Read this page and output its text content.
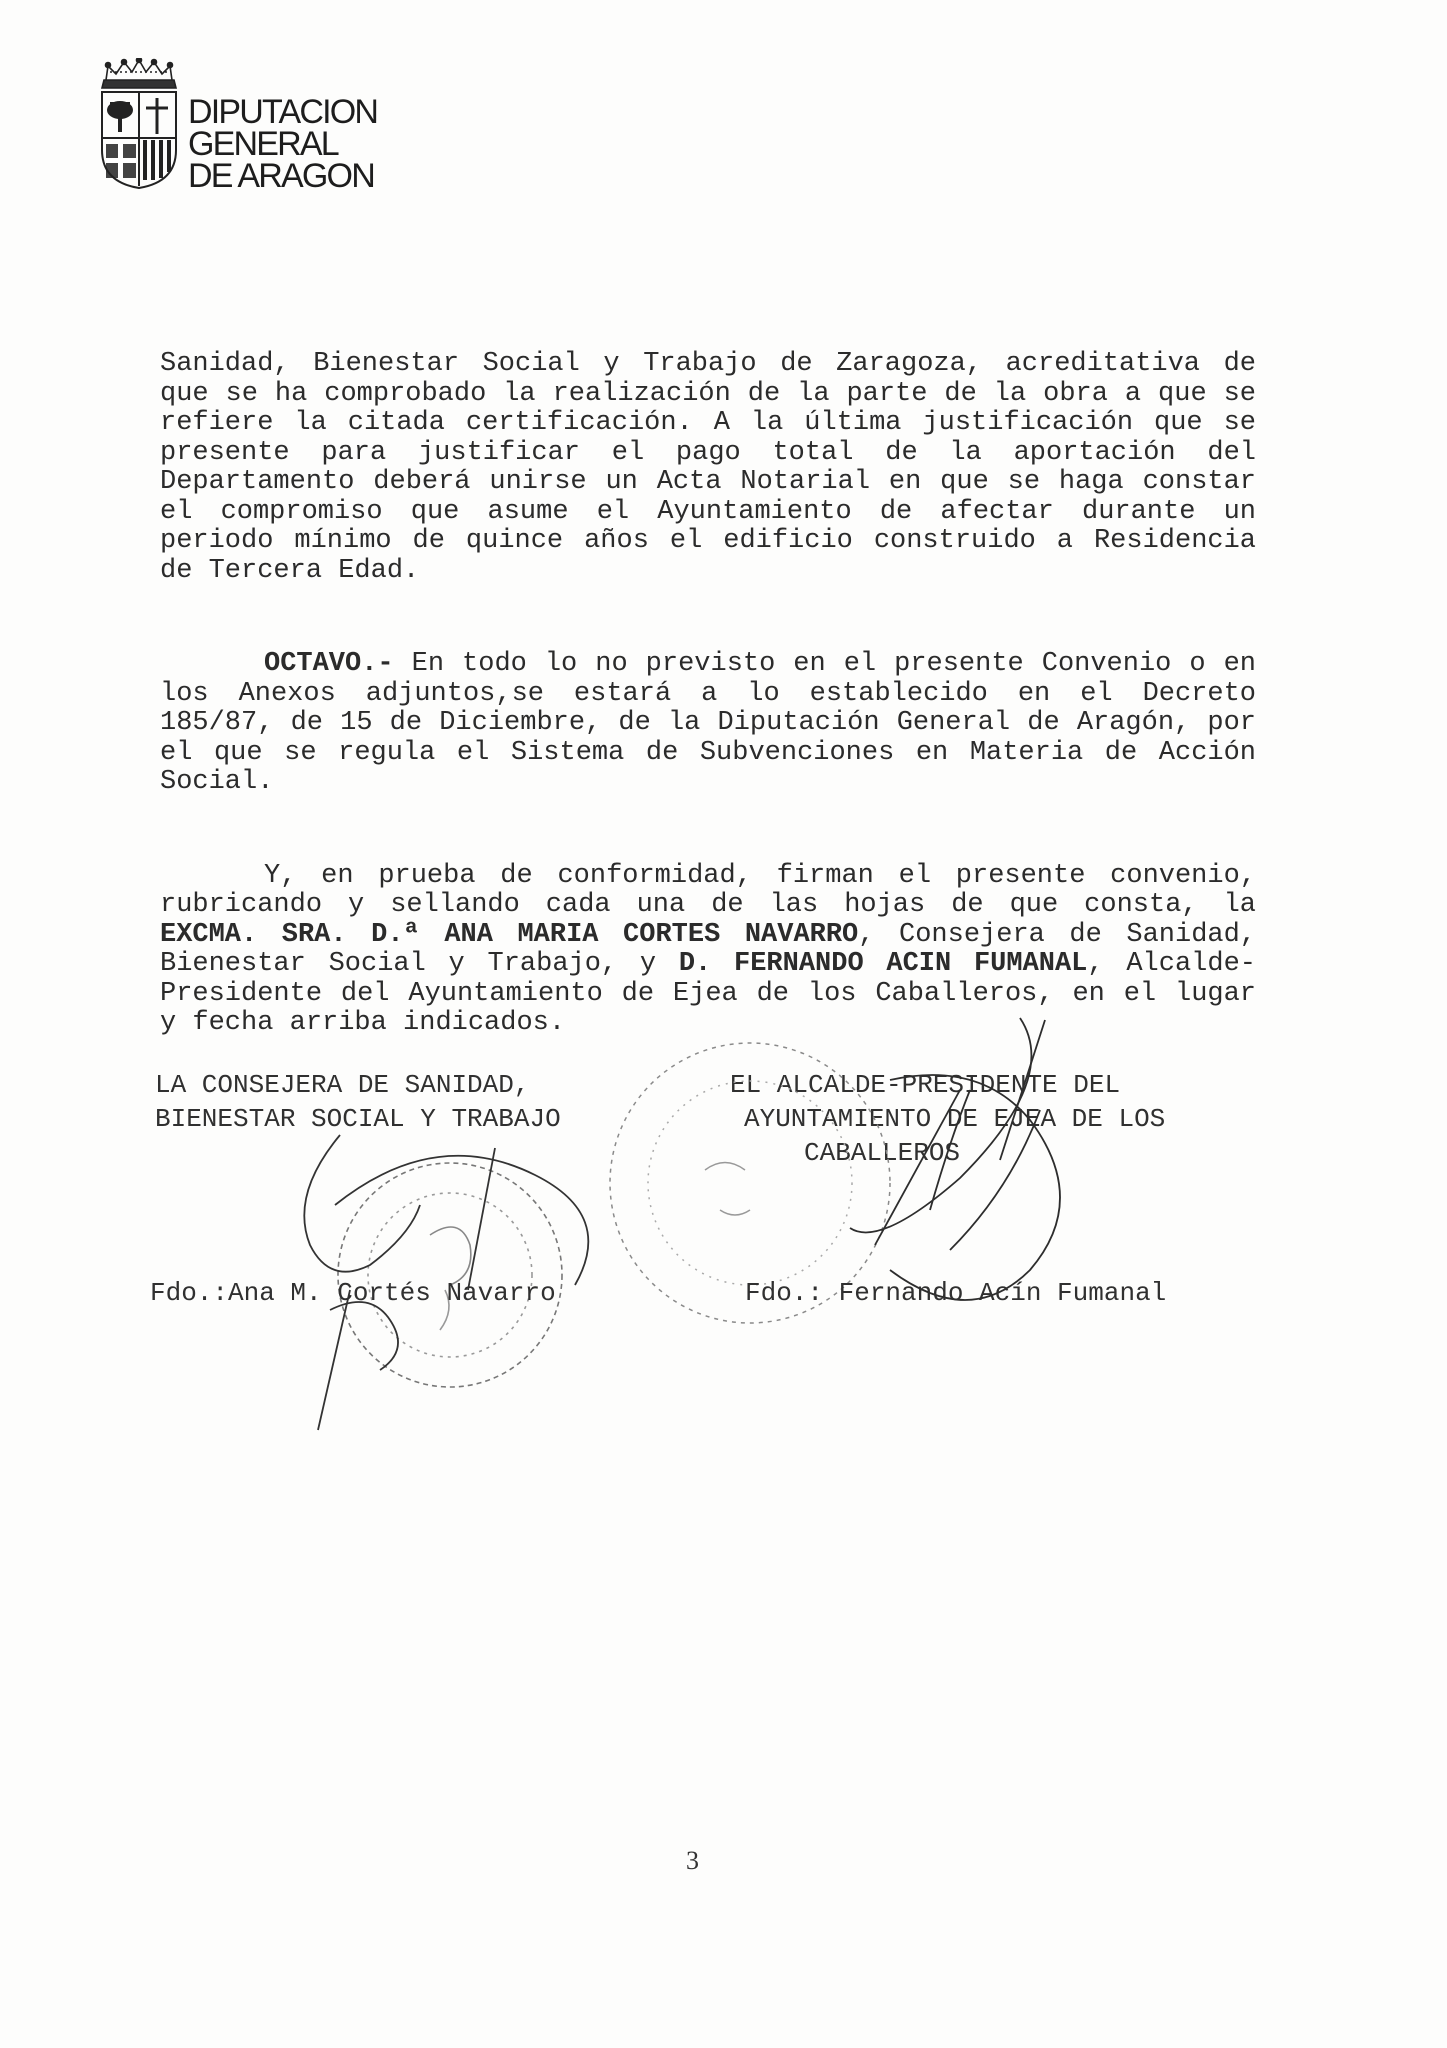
DIPUTACION
GENERAL
DE ARAGON

Sanidad, Bienestar Social y Trabajo de Zaragoza, acreditativa de que se ha comprobado la realización de la parte de la obra a que se refiere la citada certificación. A la última justificación que se presente para justificar el pago total de la aportación del Departamento deberá unirse un Acta Notarial en que se haga constar el compromiso que asume el Ayuntamiento de afectar durante un periodo mínimo de quince años el edificio construido a Residencia de Tercera Edad.

OCTAVO.- En todo lo no previsto en el presente Convenio o en los Anexos adjuntos,se estará a lo establecido en el Decreto 185/87, de 15 de Diciembre, de la Diputación General de Aragón, por el que se regula el Sistema de Subvenciones en Materia de Acción Social.

Y, en prueba de conformidad, firman el presente convenio, rubricando y sellando cada una de las hojas de que consta, la EXCMA. SRA. D.ª ANA MARIA CORTES NAVARRO, Consejera de Sanidad, Bienestar Social y Trabajo, y D. FERNANDO ACIN FUMANAL, Alcalde-Presidente del Ayuntamiento de Ejea de los Caballeros, en el lugar y fecha arriba indicados.

LA CONSEJERA DE SANIDAD,
BIENESTAR SOCIAL Y TRABAJO
EL ALCALDE-PRESIDENTE DEL
AYUNTAMIENTO DE EJEA DE LOS
CABALLEROS
Fdo.:Ana M. Cortés Navarro	Fdo.: Fernando Acín Fumanal
3
